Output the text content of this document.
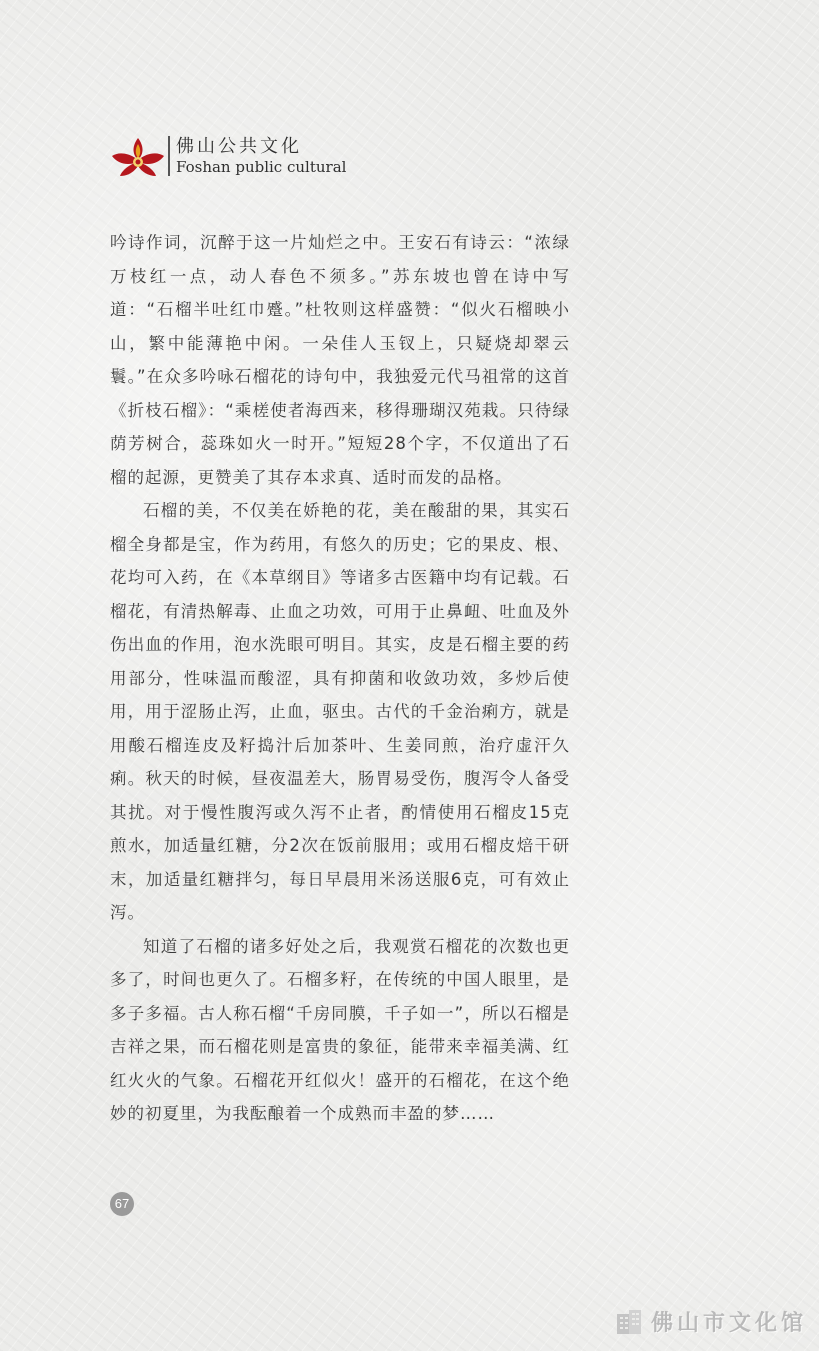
佛山公共文化
Foshan public cultural

吟诗作词，沉醉于这一片灿烂之中。王安石有诗云：“浓绿万枝红一点，动人春色不须多。”苏东坡也曾在诗中写道：“石榴半吐红巾蹙。”杜牧则这样盛赞：“似火石榴映小山，繁中能薄艳中闲。一朵佳人玉钗上，只疑烧却翠云鬟。”在众多吟咏石榴花的诗句中，我独爱元代马祖常的这首《折枝石榴》：“乘槎使者海西来，移得珊瑚汉苑栽。只待绿荫芳树合，蕊珠如火一时开。”短短28个字，不仅道出了石榴的起源，更赞美了其存本求真、适时而发的品格。

石榴的美，不仅美在娇艳的花，美在酸甜的果，其实石榴全身都是宝，作为药用，有悠久的历史；它的果皮、根、花均可入药，在《本草纲目》等诸多古医籍中均有记载。石榴花，有清热解毒、止血之功效，可用于止鼻衄、吐血及外伤出血的作用，泡水洗眼可明目。其实，皮是石榴主要的药用部分，性味温而酸涩，具有抑菌和收敛功效，多炒后使用，用于涩肠止泻，止血，驱虫。古代的千金治痢方，就是用酸石榴连皮及籽捣汁后加茶叶、生姜同煎，治疗虚汗久痢。秋天的时候，昼夜温差大，肠胃易受伤，腹泻令人备受其扰。对于慢性腹泻或久泻不止者，酌情使用石榴皮15克煎水，加适量红糖，分2次在饭前服用；或用石榴皮焙干研末，加适量红糖拌匀，每日早晨用米汤送服6克，可有效止泻。

知道了石榴的诸多好处之后，我观赏石榴花的次数也更多了，时间也更久了。石榴多籽，在传统的中国人眼里，是多子多福。古人称石榴“千房同膜，千子如一”，所以石榴是吉祥之果，而石榴花则是富贵的象征，能带来幸福美满、红红火火的气象。石榴花开红似火！盛开的石榴花，在这个绝妙的初夏里，为我酝酿着一个成熟而丰盈的梦……

67
佛山市文化馆
